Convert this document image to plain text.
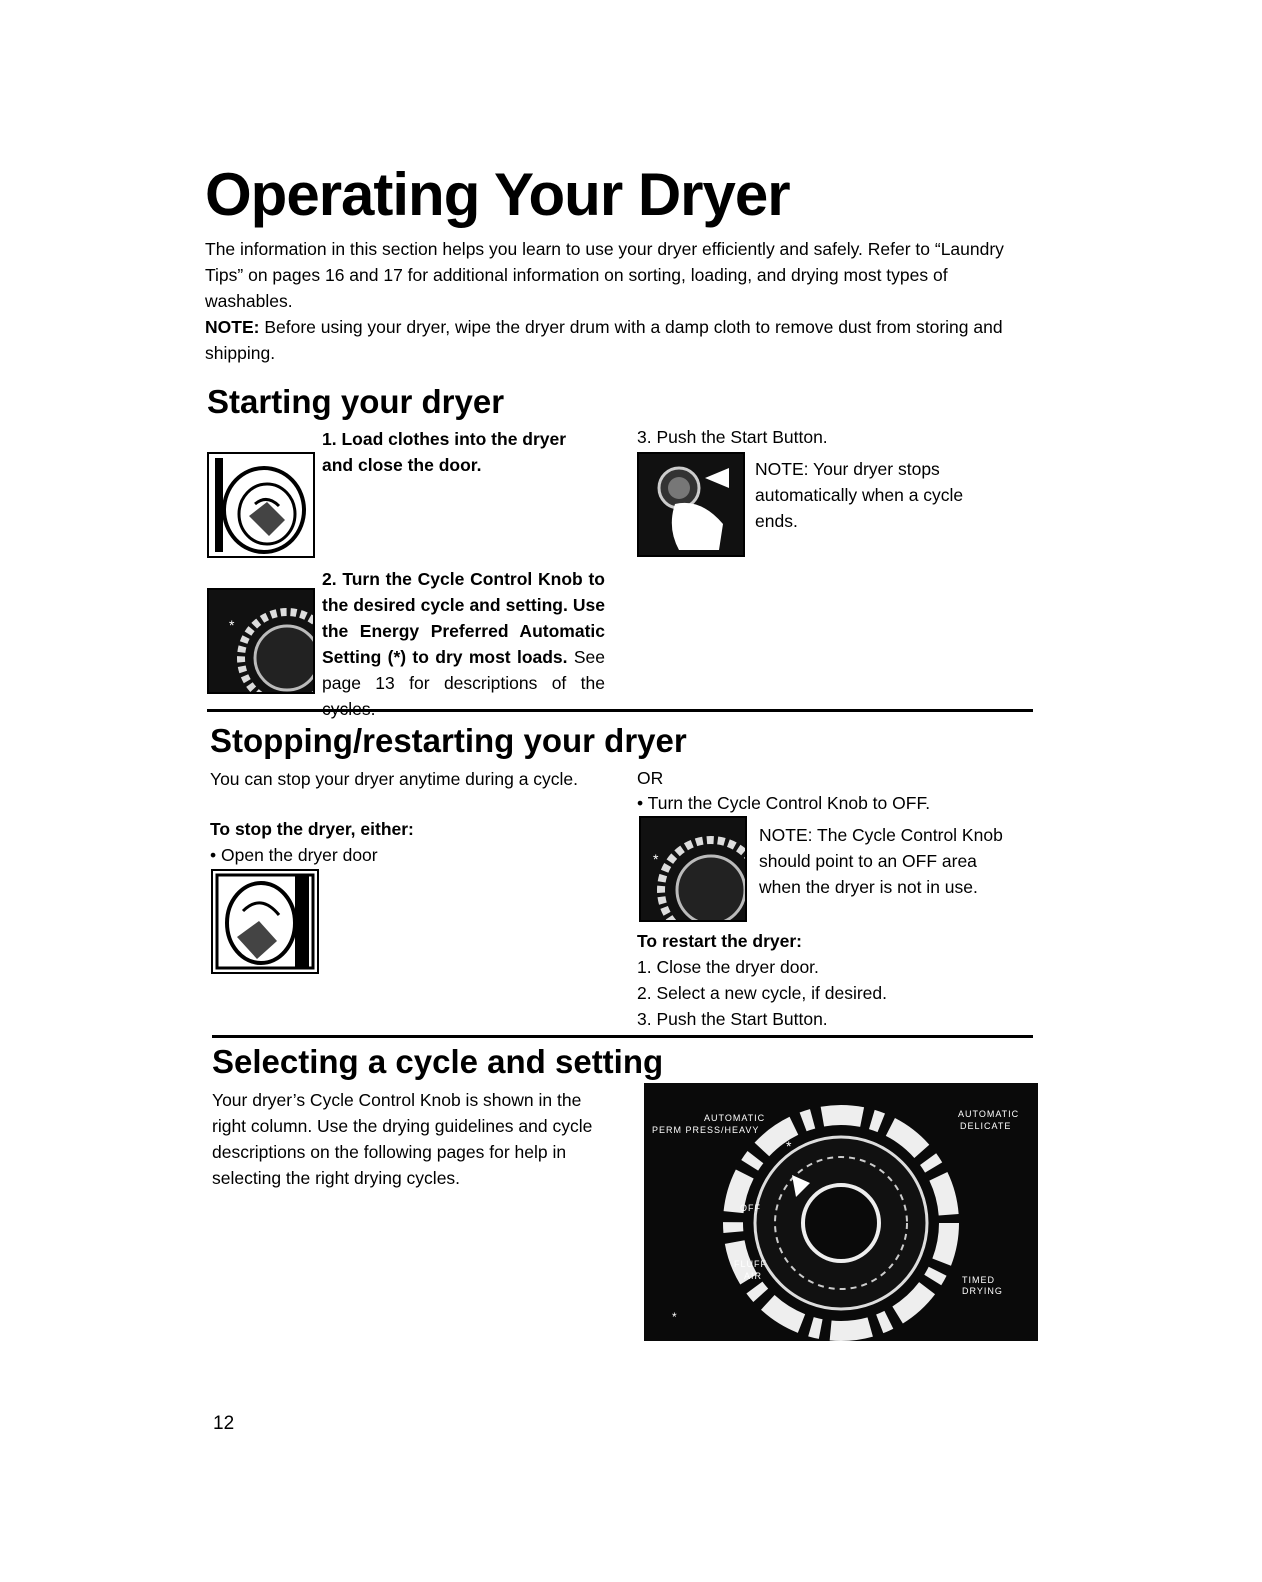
Operating Your Dryer
The information in this section helps you learn to use your dryer efficiently and safely. Refer to “Laundry Tips” on pages 16 and 17 for additional information on sorting, loading, and drying most types of washables.
NOTE: Before using your dryer, wipe the dryer drum with a damp cloth to remove dust from storing and shipping.
Starting your dryer
1. Load clothes into the dryer and close the door.
*
2. Turn the Cycle Control Knob to the desired cycle and setting. Use the Energy Preferred Automatic Setting (*) to dry most loads. See page 13 for descriptions of the
3. Push the Start Button.
NOTE: Your dryer stops automatically when a cycle ends.
Stopping/restarting your dryer
You can stop your dryer anytime during a cycle.
To stop the dryer, either:
• Open the dryer door
OR
• Turn the Cycle Control Knob to OFF.
*
NOTE: The Cycle Control Knob should point to an OFF area when the dryer is not in use.
To restart the dryer:
1. Close the dryer door.
2. Select a new cycle, if desired.
3. Push the Start Button.
Selecting a cycle and setting
Your dryer’s Cycle Control Knob is shown in the right column. Use the drying guidelines and cycle descriptions on the following pages for help in selecting the right drying cycles.
*
*
AUTOMATIC
PERM PRESS/HEAVY
AUTOMATIC
DELICATE
FLUFF
AIR	TIMED
DRYING
OFF
12
